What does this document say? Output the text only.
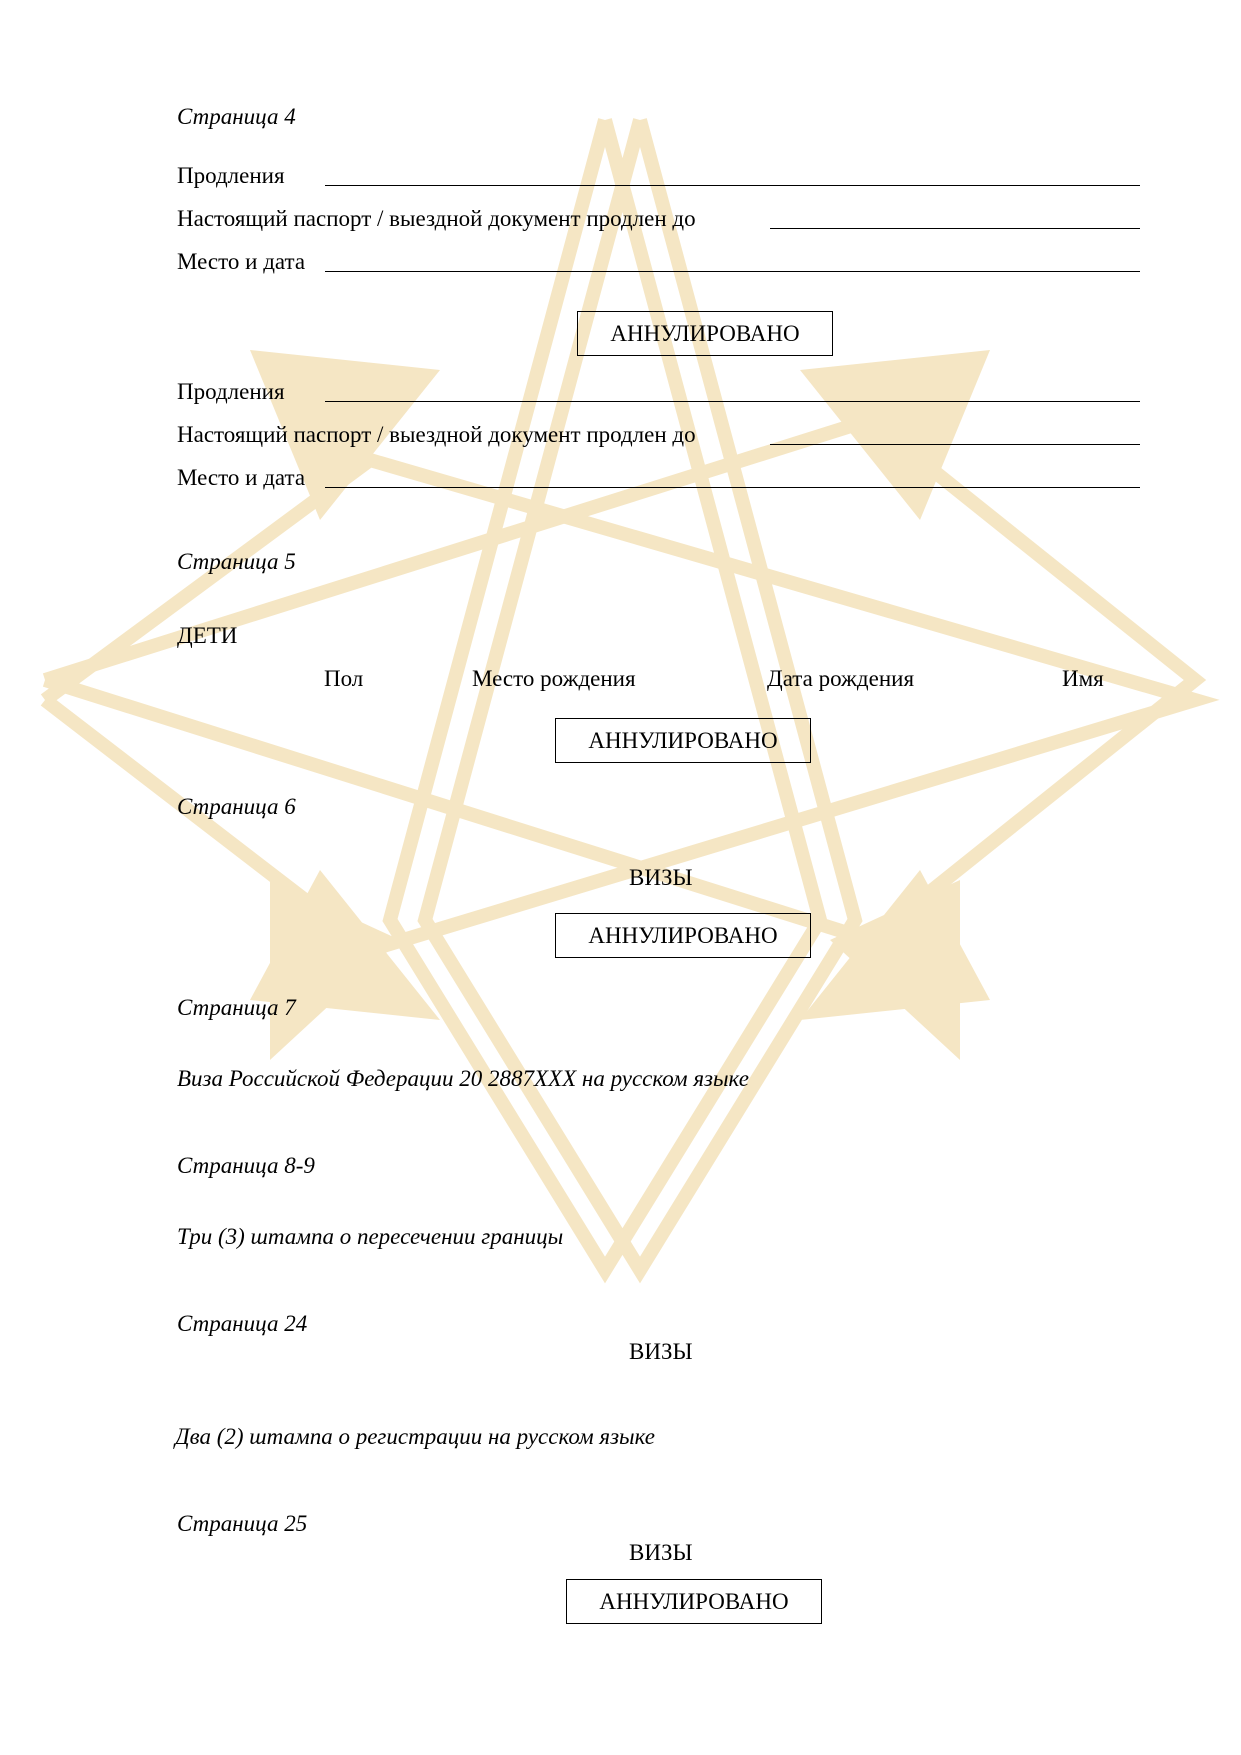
Страница 4
Продления
Настоящий паспорт / выездной документ продлен до
Место и дата
АННУЛИРОВАНО
Продления
Настоящий паспорт / выездной документ продлен до
Место и дата
Страница 5
ДЕТИ
Пол	Место рождения	Дата рождения	Имя
АННУЛИРОВАНО
Страница 6
ВИЗЫ
АННУЛИРОВАНО
Страница 7
Виза Российской Федерации 20 2887XXX на русском языке
Страница 8-9
Три (3) штампа о пересечении границы
Страница 24
ВИЗЫ
Два (2) штампа о регистрации на русском языке
Страница 25
ВИЗЫ
АННУЛИРОВАНО
